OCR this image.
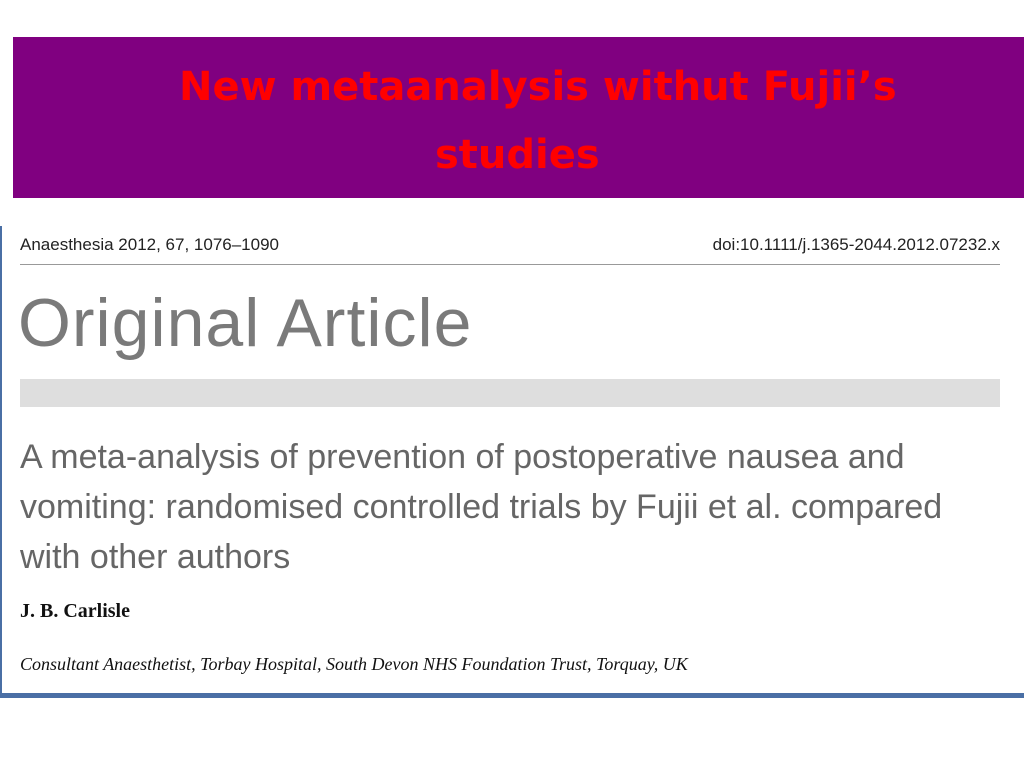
New metaanalysis withut Fujii’s
studies
Anaesthesia 2012, 67, 1076–1090	doi:10.1111/j.1365-2044.2012.07232.x
Original Article
A meta-analysis of prevention of postoperative nausea and vomiting: randomised controlled trials by Fujii et al. compared with other authors
J. B. Carlisle
Consultant Anaesthetist, Torbay Hospital, South Devon NHS Foundation Trust, Torquay, UK
